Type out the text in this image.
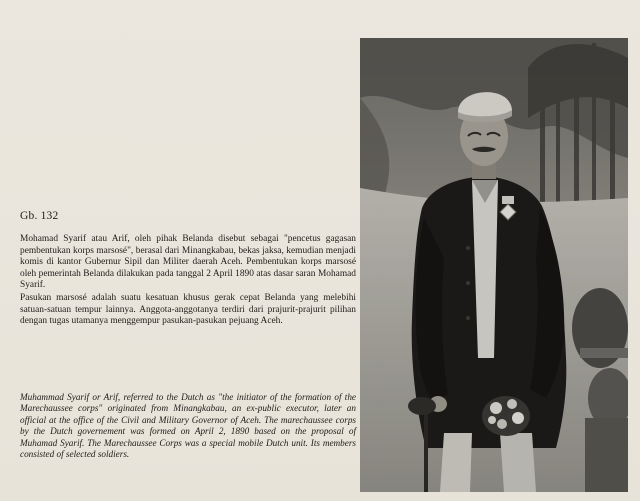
Gb. 132

Mohamad Syarif atau Arif, oleh pihak Belanda disebut sebagai "pencetus gagasan pembentukan korps marsosé", berasal dari Minangkabau, bekas jaksa, kemudian menjadi komis di kantor Gubernur Sipil dan Militer daerah Aceh. Pembentukan korps marsosé oleh pemerintah Belanda dilakukan pada tanggal 2 April 1890 atas dasar saran Mohamad Syarif.

Pasukan marsosé adalah suatu kesatuan khusus gerak cepat Belanda yang melebihi satuan-satuan tempur lainnya. Anggota-anggotanya terdiri dari prajurit-prajurit pilihan dengan tugas utamanya menggempur pasukan-pasukan pejuang Aceh.

Muhammad Syarif or Arif, referred to the Dutch as "the initiator of the formation of the Marechaussee corps" originated from Minangkabau, an ex-public executor, later an official at the office of the Civil and Military Governor of Aceh. The marechaussee corps by the Dutch governement was formed on April 2, 1890 based on the proposal of Muhamad Syarif. The Marechaussee Corps was a special mobile Dutch unit. Its members consisted of selected soldiers.
